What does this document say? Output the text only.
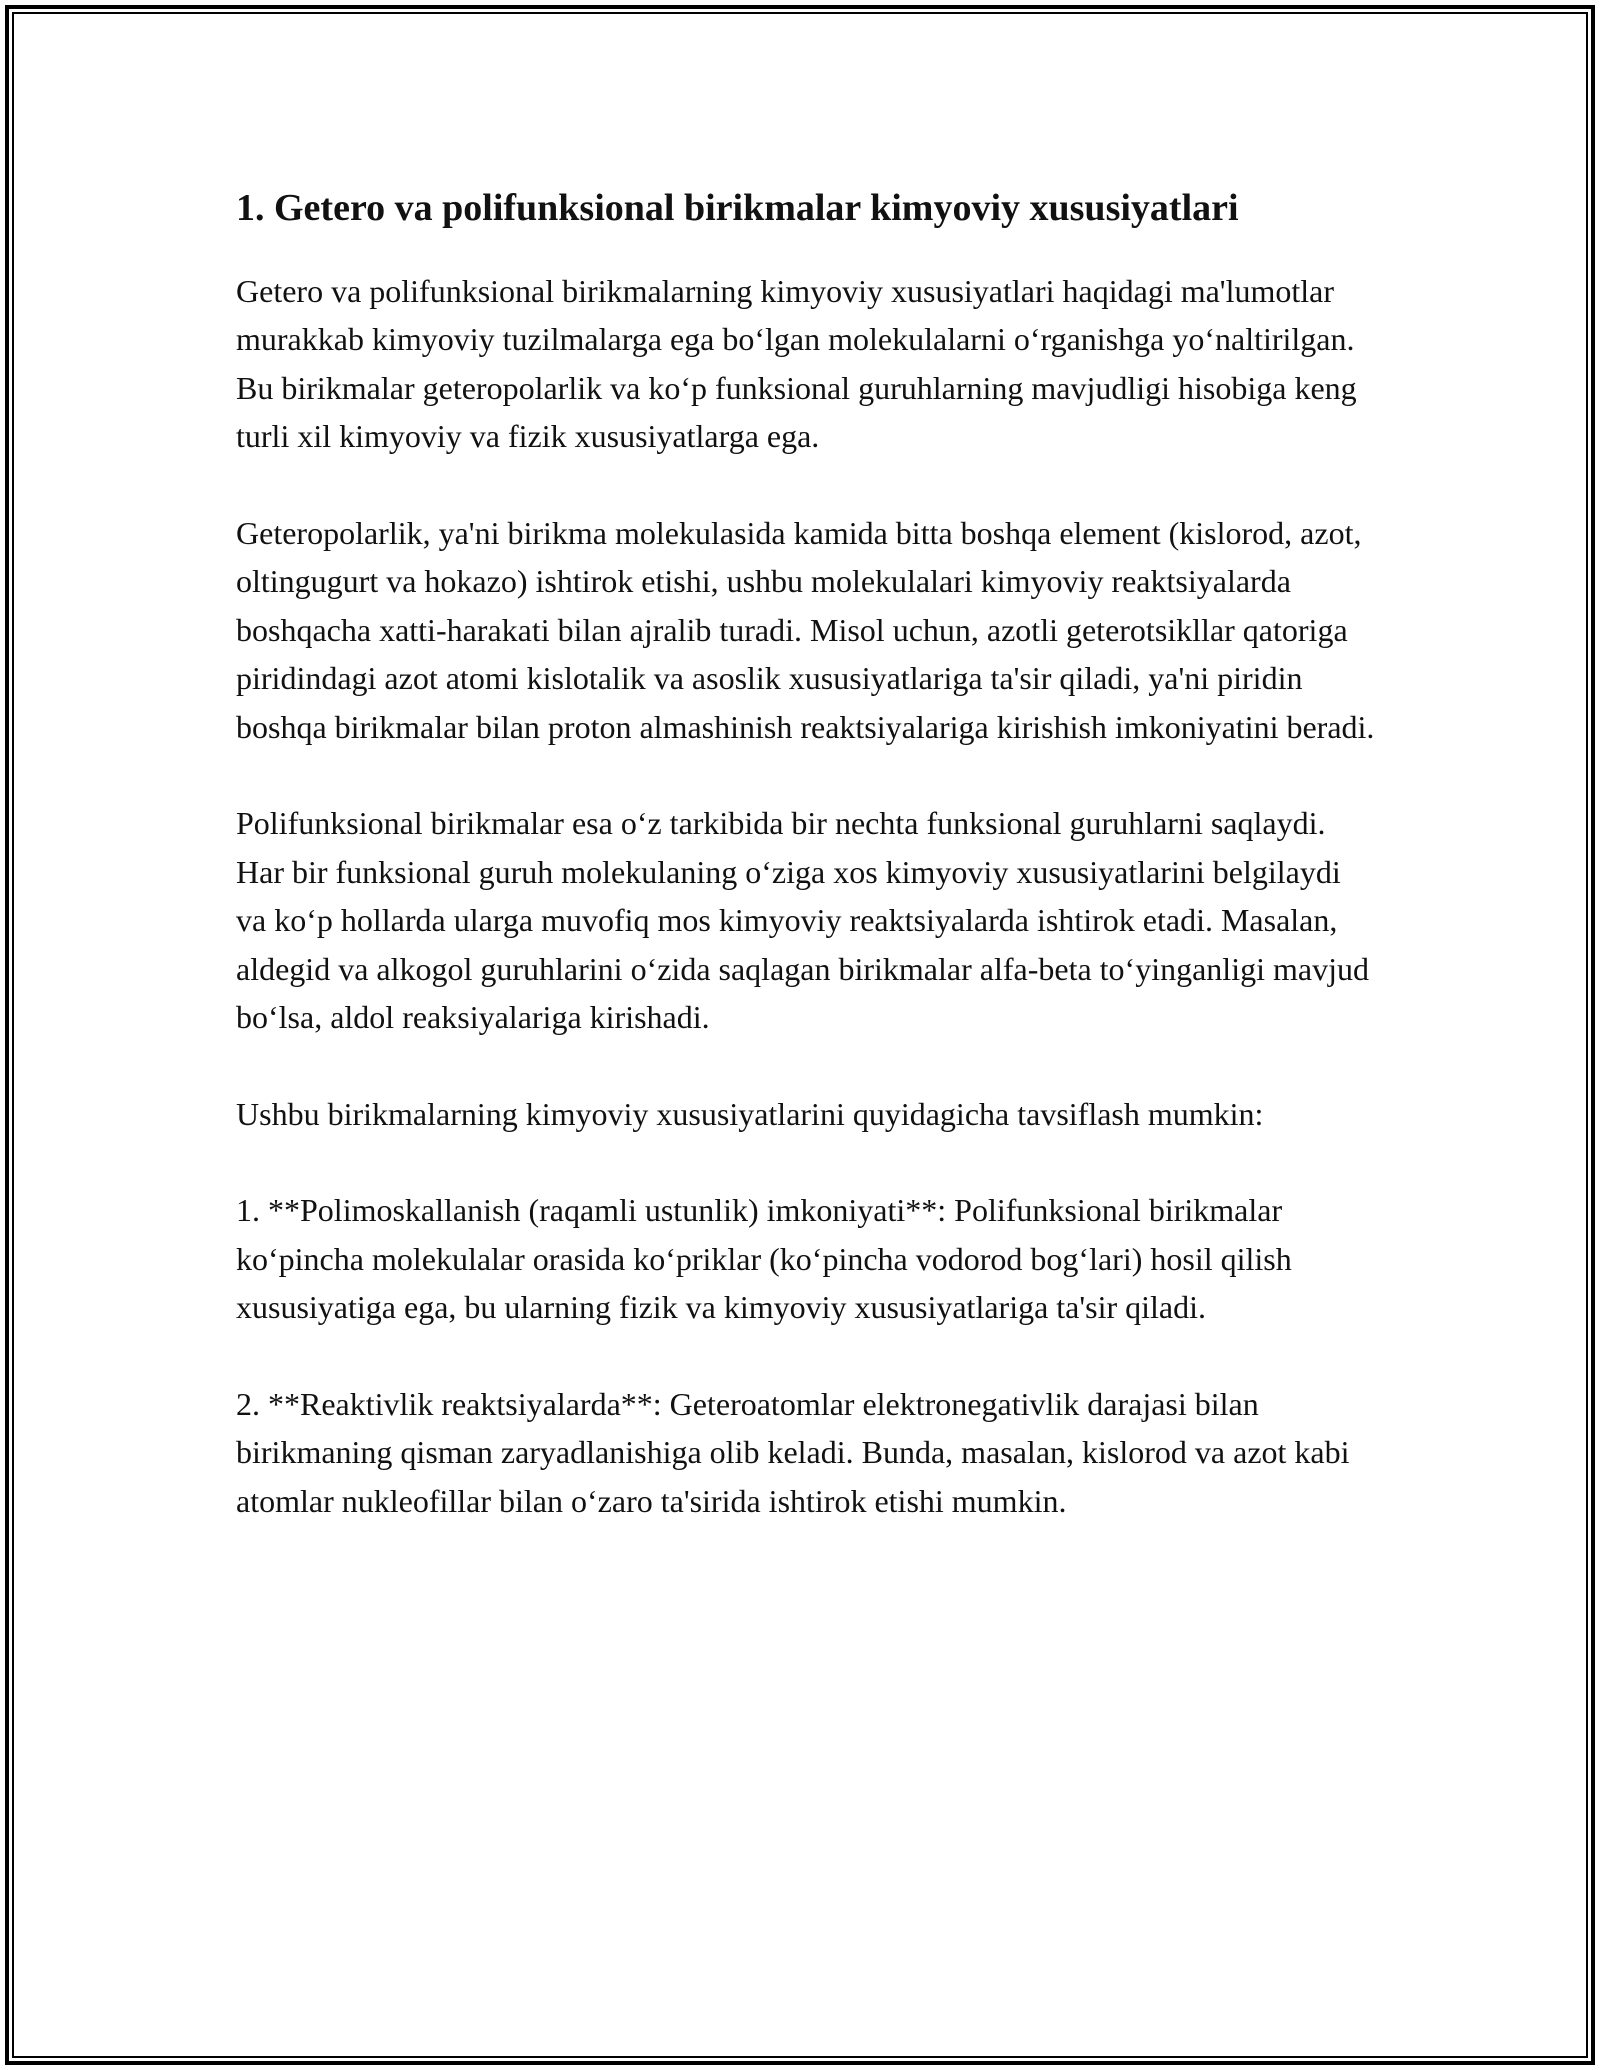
1. Getero va polifunksional birikmalar kimyoviy xususiyatlari

Getero va polifunksional birikmalarning kimyoviy xususiyatlari haqidagi ma'lumotlar murakkab kimyoviy tuzilmalarga ega bo‘lgan molekulalarni o‘rganishga yo‘naltirilgan. Bu birikmalar geteropolarlik va ko‘p funksional guruhlarning mavjudligi hisobiga keng turli xil kimyoviy va fizik xususiyatlarga ega.

Geteropolarlik, ya'ni birikma molekulasida kamida bitta boshqa element (kislorod, azot, oltingugurt va hokazo) ishtirok etishi, ushbu molekulalari kimyoviy reaktsiyalarda boshqacha xatti-harakati bilan ajralib turadi. Misol uchun, azotli geterotsikllar qatoriga piridindagi azot atomi kislotalik va asoslik xususiyatlariga ta'sir qiladi, ya'ni piridin boshqa birikmalar bilan proton almashinish reaktsiyalariga kirishish imkoniyatini beradi.

Polifunksional birikmalar esa o‘z tarkibida bir nechta funksional guruhlarni saqlaydi. Har bir funksional guruh molekulaning o‘ziga xos kimyoviy xususiyatlarini belgilaydi va ko‘p hollarda ularga muvofiq mos kimyoviy reaktsiyalarda ishtirok etadi. Masalan, aldegid va alkogol guruhlarini o‘zida saqlagan birikmalar alfa-beta to‘yinganligi mavjud bo‘lsa, aldol reaksiyalariga kirishadi.

Ushbu birikmalarning kimyoviy xususiyatlarini quyidagicha tavsiflash mumkin:

1. **Polimoskallanish (raqamli ustunlik) imkoniyati**: Polifunksional birikmalar ko‘pincha molekulalar orasida ko‘priklar (ko‘pincha vodorod bog‘lari) hosil qilish xususiyatiga ega, bu ularning fizik va kimyoviy xususiyatlariga ta'sir qiladi.

2. **Reaktivlik reaktsiyalarda**: Geteroatomlar elektronegativlik darajasi bilan birikmaning qisman zaryadlanishiga olib keladi. Bunda, masalan, kislorod va azot kabi atomlar nukleofillar bilan o‘zaro ta'sirida ishtirok etishi mumkin.
